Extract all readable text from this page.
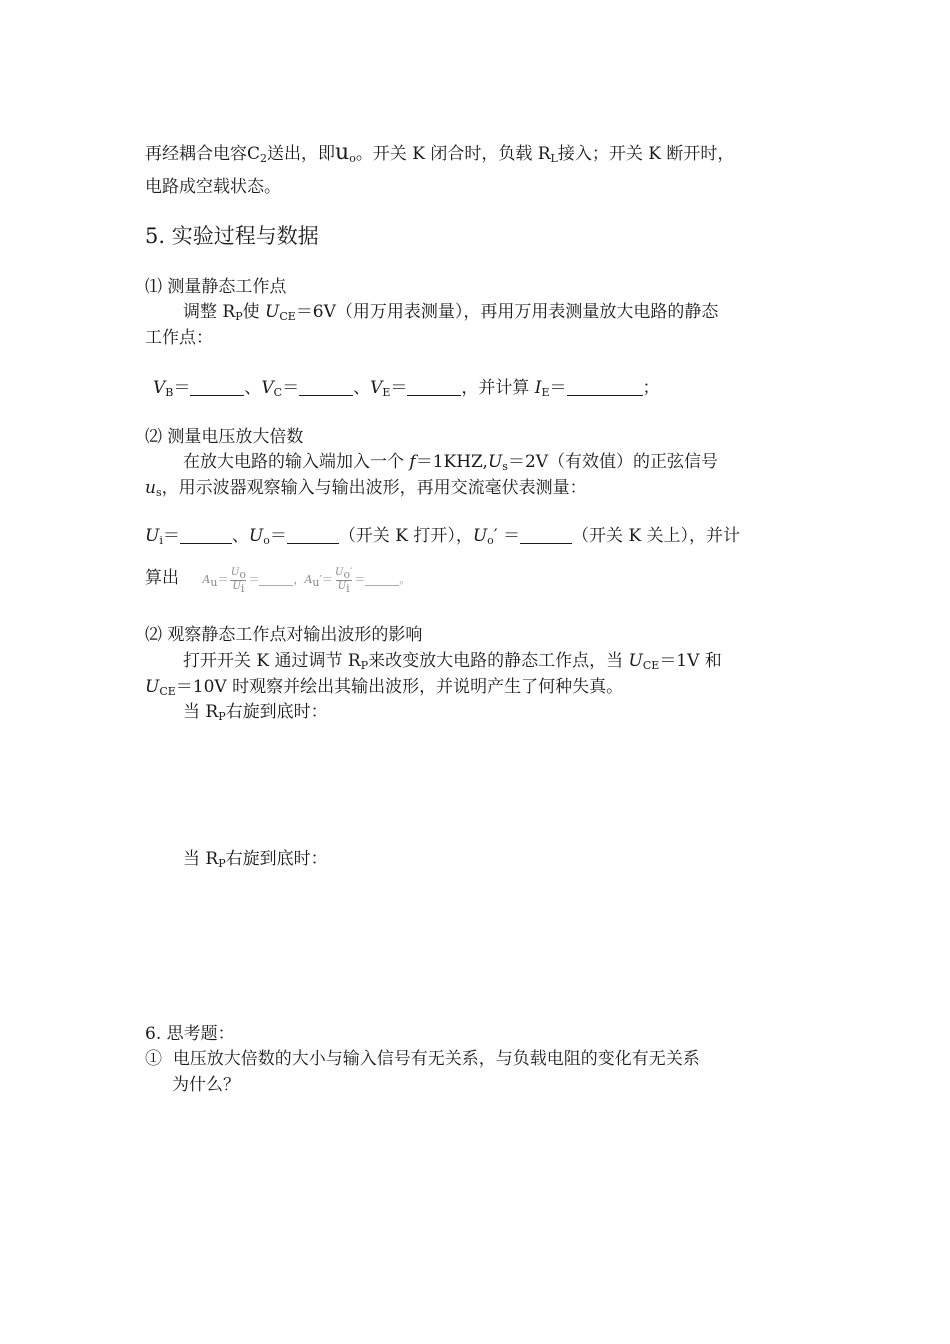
再经耦合电容$C_2$送出，即$u_o$。开关 K 闭合时，负载 $R_L$接入；开关 K 断开时，
电路成空载状态。
5. 实验过程与数据
⑴ 测量静态工作点
调整 $R_P$使 $U_{CE}=6V$（用万用表测量），再用万用表测量放大电路的静态
工作点：
$V_B=$	、$V_C=$	、$V_E=$	，并计算 $I_E=$	；
⑵ 测量电压放大倍数
在放大电路的输入端加入一个 $f=1KHZ,U_s=2V$（有效值）的正弦信号
$u_s$，用示波器观察输入与输出波形，再用交流毫伏表测量：
$U_i=$	、$U_o=$	（开关 K 打开），$U_o'$ ＝	（开关 K 关上），并计
算出 $A_u= \frac{U_o}{U_i}$ ＝	，$A_u'= \frac{U_o'}{U_i}$ ＝	。
⑵ 观察静态工作点对输出波形的影响
打开开关 K 通过调节 $R_P$来改变放大电路的静态工作点，当 $U_{CE}=1V$ 和
$U_{CE}=10V$ 时观察并绘出其输出波形，并说明产生了何种失真。
当 $R_P$右旋到底时：
当 $R_P$右旋到底时：
6. 思考题：
① 电压放大倍数的大小与输入信号有无关系，与负载电阻的变化有无关系
为什么？
